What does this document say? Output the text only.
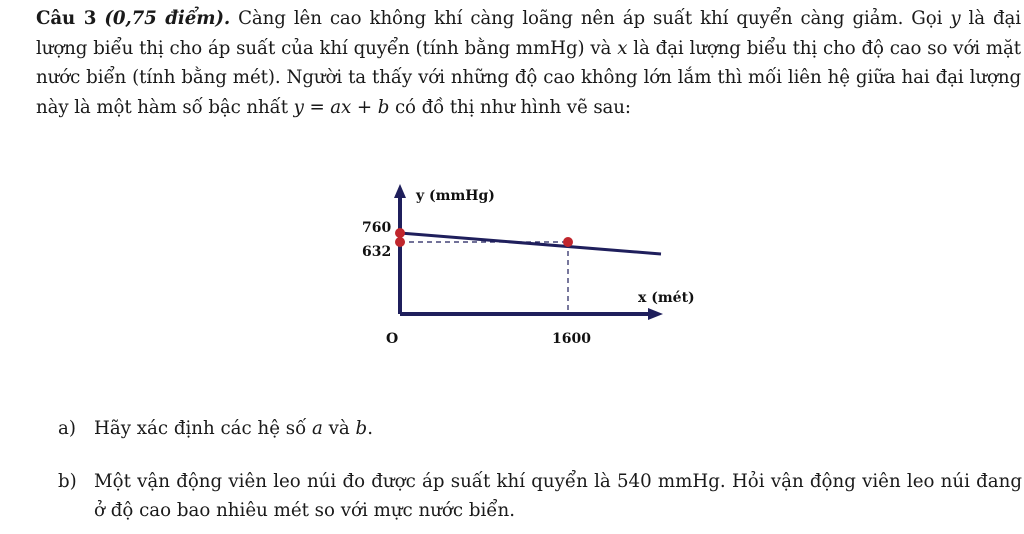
Câu 3 (0,75 điểm). Càng lên cao không khí càng loãng nên áp suất khí quyển càng giảm. Gọi y là đại lượng biểu thị cho áp suất của khí quyển (tính bằng mmHg) và x là đại lượng biểu thị cho độ cao so với mặt nước biển (tính bằng mét). Người ta thấy với những độ cao không lớn lắm thì mối liên hệ giữa hai đại lượng này là một hàm số bậc nhất y = ax + b có đồ thị như hình vẽ sau:
y (mmHg)
760
632
x (mét)
O	1600
a) Hãy xác định các hệ số a và b.
b) Một vận động viên leo núi đo được áp suất khí quyển là 540 mmHg. Hỏi vận động viên leo núi đang ở độ cao bao nhiêu mét so với mực nước biển.
